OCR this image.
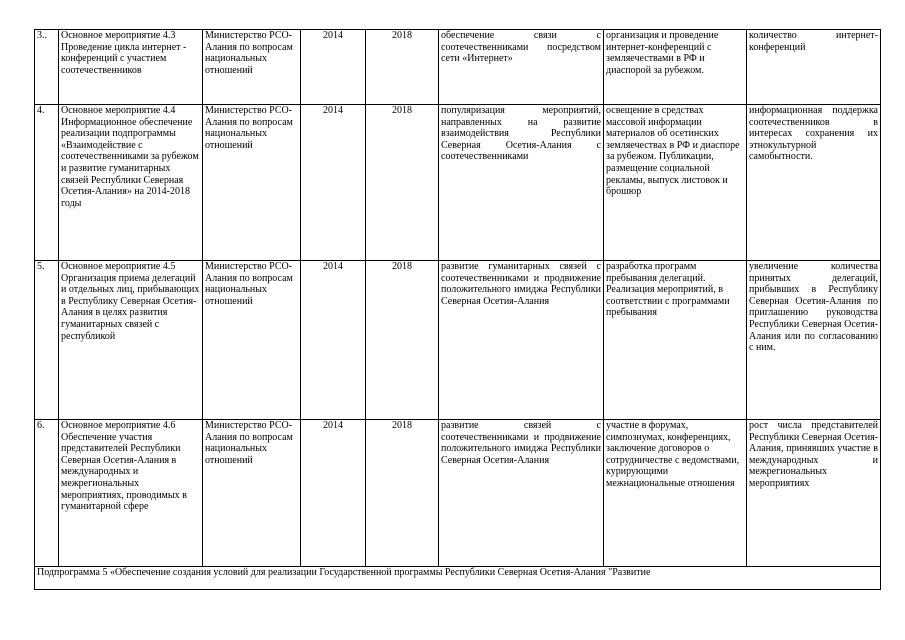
3..	Основное мероприятие 4.3 Проведение цикла интернет - конференций с участием соотечественников	Министерство РСО-Алания по вопросам национальных отношений	2014	2018	обеспечение связи с соотечественниками посредством сети «Интернет»	организация и проведение интернет-конференций с земляечествами в РФ и диаспорой за рубежом.	количество интернет-конференций
4.	Основное мероприятие 4.4 Информационное обеспечение реализации подпрограммы «Взаимодействие с соотечественниками за рубежом и развитие гуманитарных связей Республики Северная Осетия-Алания» на 2014-2018 годы	Министерство РСО-Алания по вопросам национальных отношений	2014	2018	популяризация мероприятий, направленных на развитие взаимодействия Республики Северная Осетия-Алания с соотечественниками	освещение в средствах массовой информации материалов об осетинских земляечествах в РФ и диаспоре за рубежом. Публикации, размещение социальной рекламы, выпуск листовок и брошюр	информационная поддержка соотечественников в интересах сохранения их этнокультурной самобытности.
5.	Основное мероприятие 4.5 Организация приема делегаций и отдельных лиц, прибывающих в Республику Северная Осетия-Алания в целях развития гуманитарных связей с республикой	Министерство РСО-Алания по вопросам национальных отношений	2014	2018	развитие гуманитарных связей с соотечественниками и продвижение положительного имиджа Республики Северная Осетия-Алания	разработка программ пребывания делегаций. Реализация мероприятий, в соответствии с программами пребывания	увеличение количества принятых делегаций, прибывших в Республику Северная Осетия-Алания по приглашению руководства Республики Северная Осетия-Алания или по согласованию с ним.
6.	Основное мероприятие 4.6 Обеспечение участия представителей Республики Северная Осетия-Алания в международных и межрегиональных мероприятиях, проводимых в гуманитарной сфере	Министерство РСО-Алания по вопросам национальных отношений	2014	2018	развитие связей с соотечественниками и продвижение положительного имиджа Республики Северная Осетия-Алания	участие в форумах, симпозиумах, конференциях, заключение договоров о сотрудничестве с ведомствами, курирующими межнациональные отношения	рост числа представителей Республики Северная Осетия-Алания, принявших участие в международных и межрегиональных мероприятиях
Подпрограмма 5 «Обеспечение создания условий для реализации Государственной программы Республики Северная Осетия-Алания "Развитие							
